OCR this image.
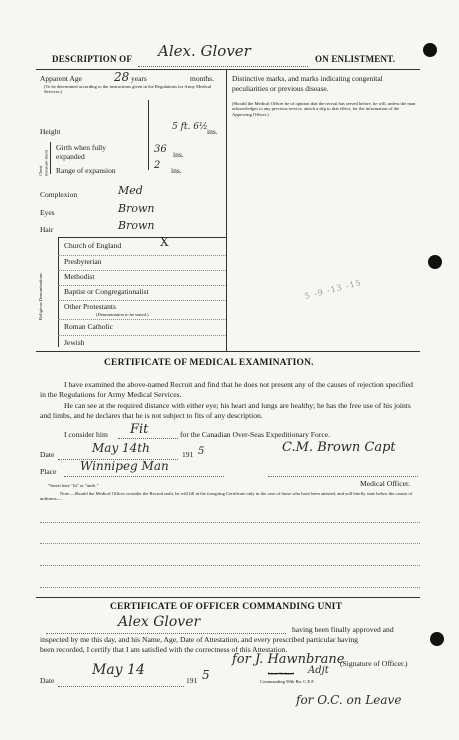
DESCRIPTION OF Alex. Glover	ON ENLISTMENT.
Apparent Age	28 years	months.
(To be determined according to the instructions given in the Regulations for Army Medical Services.)
Height	5 ft. 6½ ins.
Chest measure-ment
Girth when fully expanded
36 ins.
Range of expansion	2 ins.
Complexion	Med
Eyes	Brown
Hair	Brown
Religious Denominations
Church of England	X
Presbyterian
Methodist
Baptist or Congregationalist
Other Protestants
(Denomination to be stated.)
Roman Catholic
Jewish
Distinctive marks, and marks indicating congenital peculiarities or previous disease.
(Should the Medical Officer be of opinion that the recruit has served before, he will, unless the man acknowledges to any previous service, attach a slip to that effect, for the information of the Approving Officer.)
5 -9 -13 -15
CERTIFICATE OF MEDICAL EXAMINATION.
I have examined the above-named Recruit and find that he does not present any of the causes of rejection specified in the Regulations for Army Medical Services.
He can see at the required distance with either eye; his heart and lungs are healthy; he has the free use of his joints and limbs, and he declares that he is not subject to fits of any description.
I consider him Fit	for the Canadian Over-Seas Expeditionary Force.
Date	May 14th	191 5	C.M. Brown Capt
Place Winnipeg Man
Medical Officer.
*Insert here "fit" or "unfit."
Note.—Should the Medical Officer consider the Recruit unfit, he will fill in the foregoing Certificate only in the case of those who have been attested, and will briefly state below the causes of unfitness:—
CERTIFICATE OF OFFICER COMMANDING UNIT
Alex Glover	having been finally approved and
inspected by me this day, and his Name, Age, Date of Attestation, and every prescribed particular having
been recorded, I certify that I am satisfied with the correctness of this Attestation.
for J. Hawnbrane
(Signature of Officer.)
Lieut-Colonel Adjt
Commanding 90th Bn. C.E.F.
Date
May 14
191 5
for O.C. on Leave
